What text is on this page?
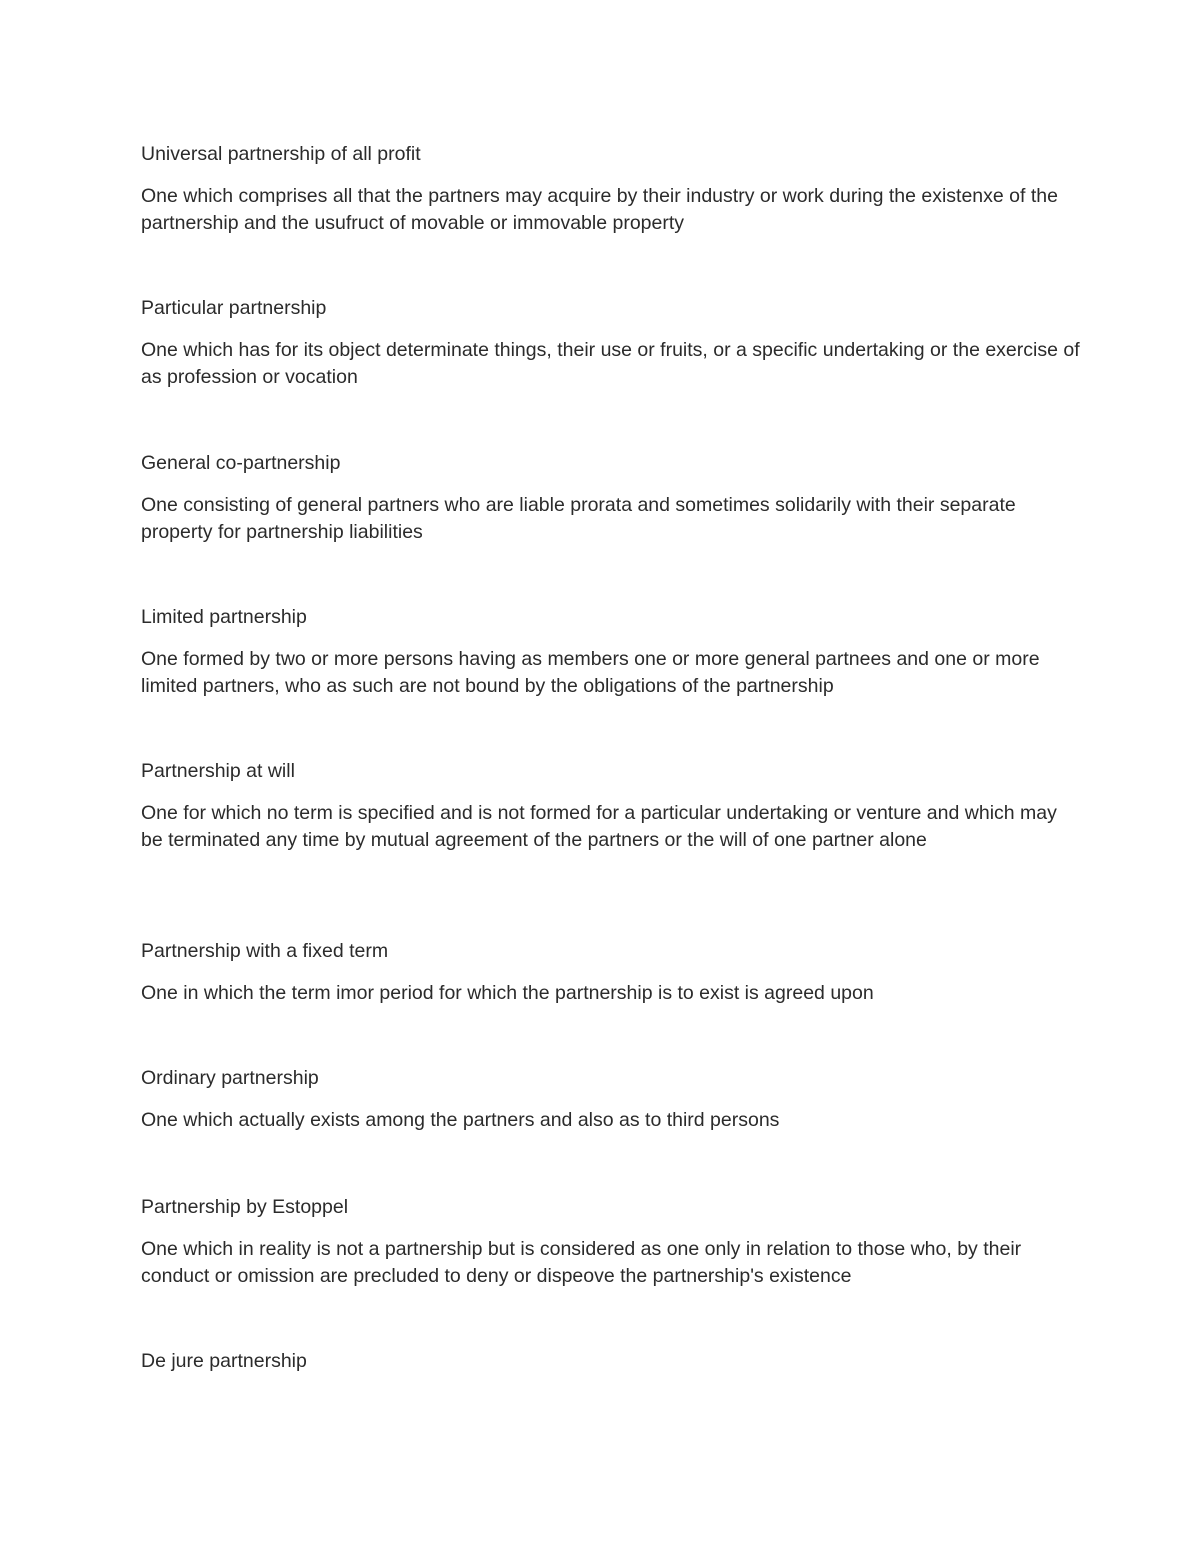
Universal partnership of all profit

One which comprises all that the partners may acquire by their industry or work during the existenxe of the partnership and the usufruct of movable or immovable property

Particular partnership

One which has for its object determinate things, their use or fruits, or a specific undertaking or the exercise of as profession or vocation

General co-partnership

One consisting of general partners who are liable prorata and sometimes solidarily with their separate property for partnership liabilities

Limited partnership

One formed by two or more persons having as members one or more general partnees and one or more limited partners, who as such are not bound by the obligations of the partnership

Partnership at will

One for which no term is specified and is not formed for a particular undertaking or venture and which may be terminated any time by mutual agreement of the partners or the will of one partner alone

Partnership with a fixed term

One in which the term imor period for which the partnership is to exist is agreed upon

Ordinary partnership

One which actually exists among the partners and also as to third persons

Partnership by Estoppel

One which in reality is not a partnership but is considered as one only in relation to those who, by their conduct or omission are precluded to deny or dispeove the partnership's existence

De jure partnership
